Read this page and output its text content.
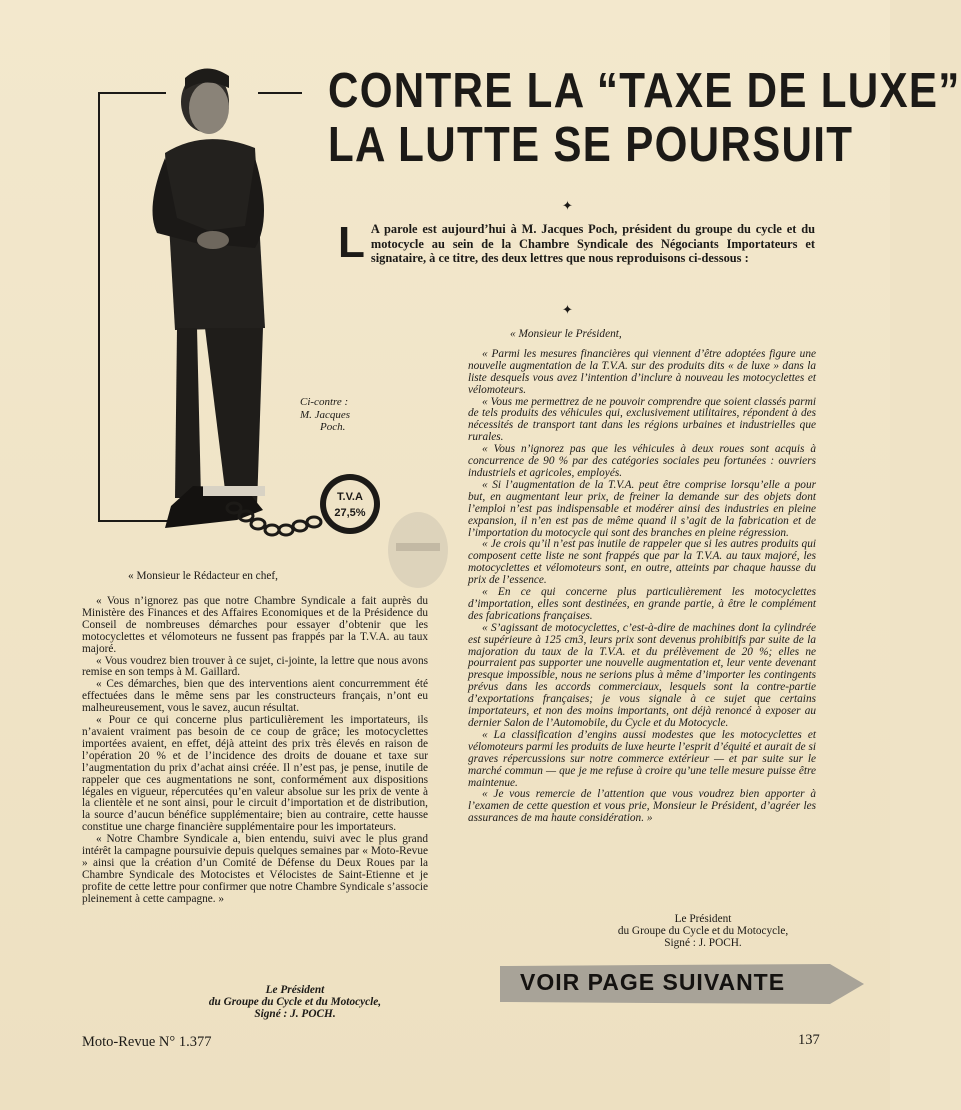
CONTRE LA “TAXE DE LUXE”
LA LUTTE SE POURSUIT
✦
✦
L A parole est aujourd’hui à M. Jacques Poch, président du groupe du cycle et du motocycle au sein de la Chambre Syndicale des Négociants Importateurs et signataire, à ce titre, des deux lettres que nous reproduisons ci-dessous :
T.V.A
27,5%
Ci-contre :
M. Jacques
Poch.

« Monsieur le Rédacteur en chef,

« Vous n’ignorez pas que notre Chambre Syndicale a fait auprès du Ministère des Finances et des Affaires Economiques et de la Présidence du Conseil de nombreuses démarches pour essayer d’obtenir que les motocyclettes et vélomoteurs ne fussent pas frappés par la T.V.A. au taux majoré.

« Vous voudrez bien trouver à ce sujet, ci-jointe, la lettre que nous avons remise en son temps à M. Gaillard.

« Ces démarches, bien que des interventions aient concurremment été effectuées dans le même sens par les constructeurs français, n’ont eu malheureusement, vous le savez, aucun résultat.

« Pour ce qui concerne plus particulièrement les importateurs, ils n’avaient vraiment pas besoin de ce coup de grâce; les motocyclettes importées avaient, en effet, déjà atteint des prix très élevés en raison de l’opération 20 % et de l’incidence des droits de douane et taxe sur l’augmentation du prix d’achat ainsi créée. Il n’est pas, je pense, inutile de rappeler que ces augmentations ne sont, conformément aux dispositions légales en vigueur, répercutées qu’en valeur absolue sur les prix de vente à la clientèle et ne sont ainsi, pour le circuit d’importation et de distribution, la source d’aucun bénéfice supplémentaire; bien au contraire, cette hausse constitue une charge financière supplémentaire pour les importateurs.

« Notre Chambre Syndicale a, bien entendu, suivi avec le plus grand intérêt la campagne poursuivie depuis quelques semaines par « Moto-Revue » ainsi que la création d’un Comité de Défense du Deux Roues par la Chambre Syndicale des Motocistes et Vélocistes de Saint-Etienne et je profite de cette lettre pour confirmer que notre Chambre Syndicale s’associe pleinement à cette campagne. »

Le Président
du Groupe du Cycle et du Motocycle,
Signé : J. POCH.

« Monsieur le Président,

« Parmi les mesures financières qui viennent d’être adoptées figure une nouvelle augmentation de la T.V.A. sur des produits dits « de luxe » dans la liste desquels vous avez l’intention d’inclure à nouveau les motocyclettes et vélomoteurs.

« Vous me permettrez de ne pouvoir comprendre que soient classés parmi de tels produits des véhicules qui, exclusivement utilitaires, répondent à des nécessités de transport tant dans les régions urbaines et industrielles que rurales.

« Vous n’ignorez pas que les véhicules à deux roues sont acquis à concurrence de 90 % par des catégories sociales peu fortunées : ouvriers industriels et agricoles, employés.

« Si l’augmentation de la T.V.A. peut être comprise lorsqu’elle a pour but, en augmentant leur prix, de freiner la demande sur des objets dont l’emploi n’est pas indispensable et modérer ainsi des industries en pleine expansion, il n’en est pas de même quand il s’agit de la fabrication et de l’importation du motocycle qui sont des branches en pleine régression.

« Je crois qu’il n’est pas inutile de rappeler que si les autres produits qui composent cette liste ne sont frappés que par la T.V.A. au taux majoré, les motocyclettes et vélomoteurs sont, en outre, atteints par chaque hausse du prix de l’essence.

« En ce qui concerne plus particulièrement les motocyclettes d’importation, elles sont destinées, en grande partie, à être le complément des fabrications françaises.

« S’agissant de motocyclettes, c’est-à-dire de machines dont la cylindrée est supérieure à 125 cm3, leurs prix sont devenus prohibitifs par suite de la majoration du taux de la T.V.A. et du prélèvement de 20 %; elles ne pourraient pas supporter une nouvelle augmentation et, leur vente devenant presque impossible, nous ne serions plus à même d’importer les contingents prévus dans les accords commerciaux, lesquels sont la contre-partie d’exportations françaises; je vous signale à ce sujet que certains importateurs, et non des moins importants, ont déjà renoncé à exposer au dernier Salon de l’Automobile, du Cycle et du Motocycle.

« La classification d’engins aussi modestes que les motocyclettes et vélomoteurs parmi les produits de luxe heurte l’esprit d’équité et aurait de si graves répercussions sur notre commerce extérieur — et par suite sur le marché commun — que je me refuse à croire qu’une telle mesure puisse être maintenue.

« Je vous remercie de l’attention que vous voudrez bien apporter à l’examen de cette question et vous prie, Monsieur le Président, d’agréer les assurances de ma haute considération. »

Le Président
du Groupe du Cycle et du Motocycle,
Signé : J. POCH.
VOIR PAGE SUIVANTE
Moto-Revue N° 1.377	137
